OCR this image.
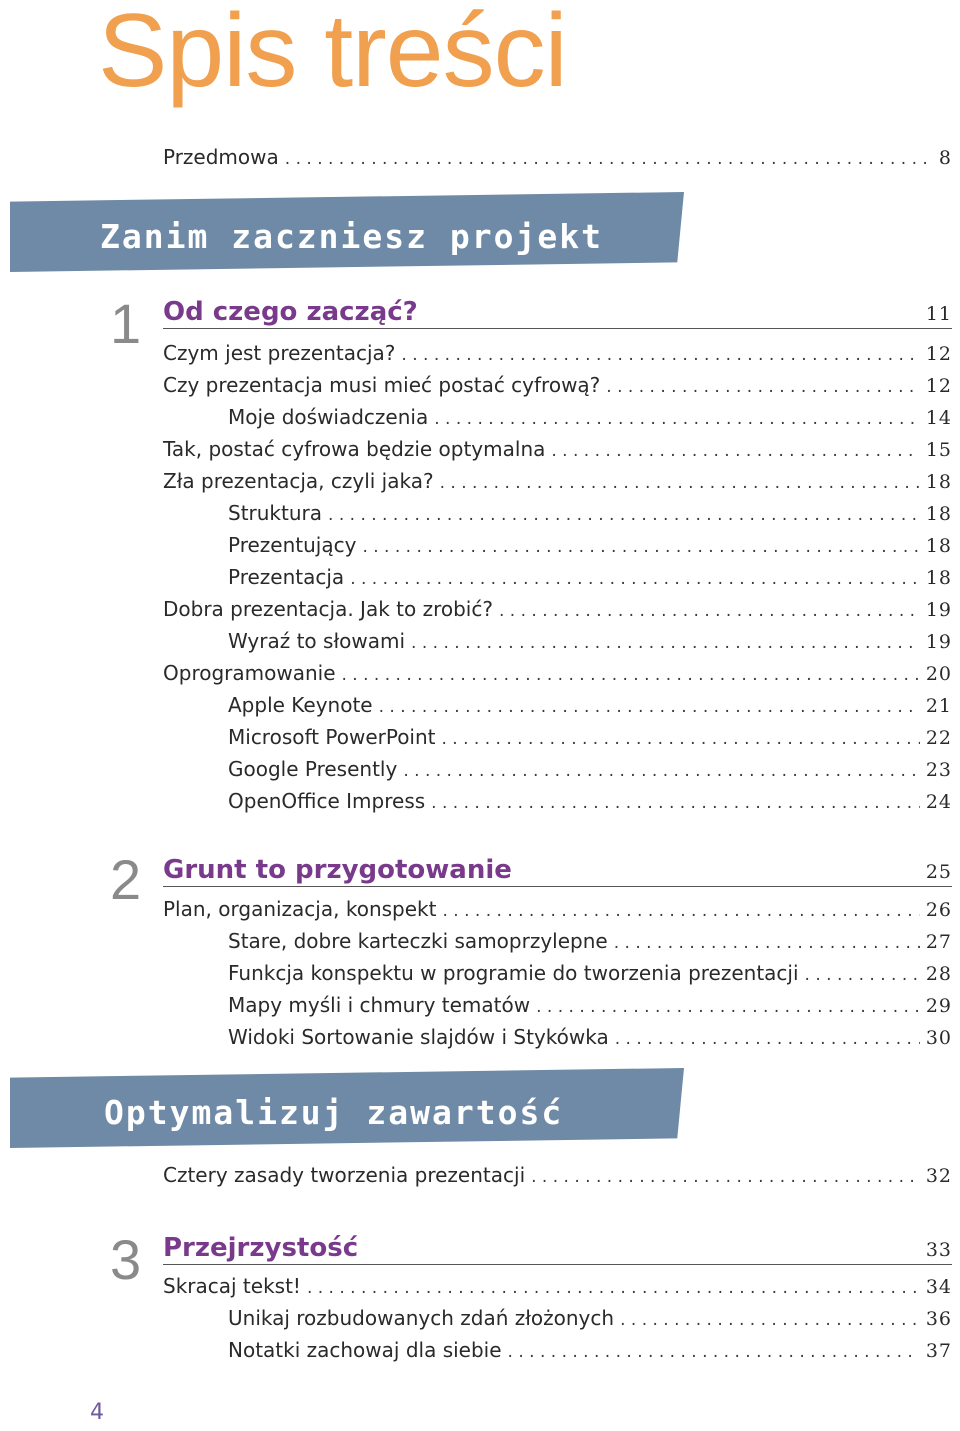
Spis treści
Przedmowa . . .	8
Zanim zaczniesz projekt
1 Od czego zacząć?	11
Czym jest prezentacja? . . .	12
Czy prezentacja musi mieć postać cyfrową? . . .	12
Moje doświadczenia . . .	14
Tak, postać cyfrowa będzie optymalna . . .	15
Zła prezentacja, czyli jaka? . . .	18
Struktura . . .	18
Prezentujący . . .	18
Prezentacja . . .	18
Dobra prezentacja. Jak to zrobić? . . .	19
Wyraź to słowami . . .	19
Oprogramowanie . . .	20
Apple Keynote . . .	21
Microsoft PowerPoint . . .	22
Google Presently . . .	23
OpenOffice Impress . . .	24
2 Grunt to przygotowanie	25
Plan, organizacja, konspekt . . .	26
Stare, dobre karteczki samoprzylepne . . .	27
Funkcja konspektu w programie do tworzenia prezentacji . . .	28
Mapy myśli i chmury tematów . . .	29
Widoki Sortowanie slajdów i Stykówka . . .	30
Optymalizuj zawartość
Cztery zasady tworzenia prezentacji . . .	32
3 Przejrzystość	33
Skracaj tekst! . . .	34
Unikaj rozbudowanych zdań złożonych . . .	36
Notatki zachowaj dla siebie . . .	37
4
